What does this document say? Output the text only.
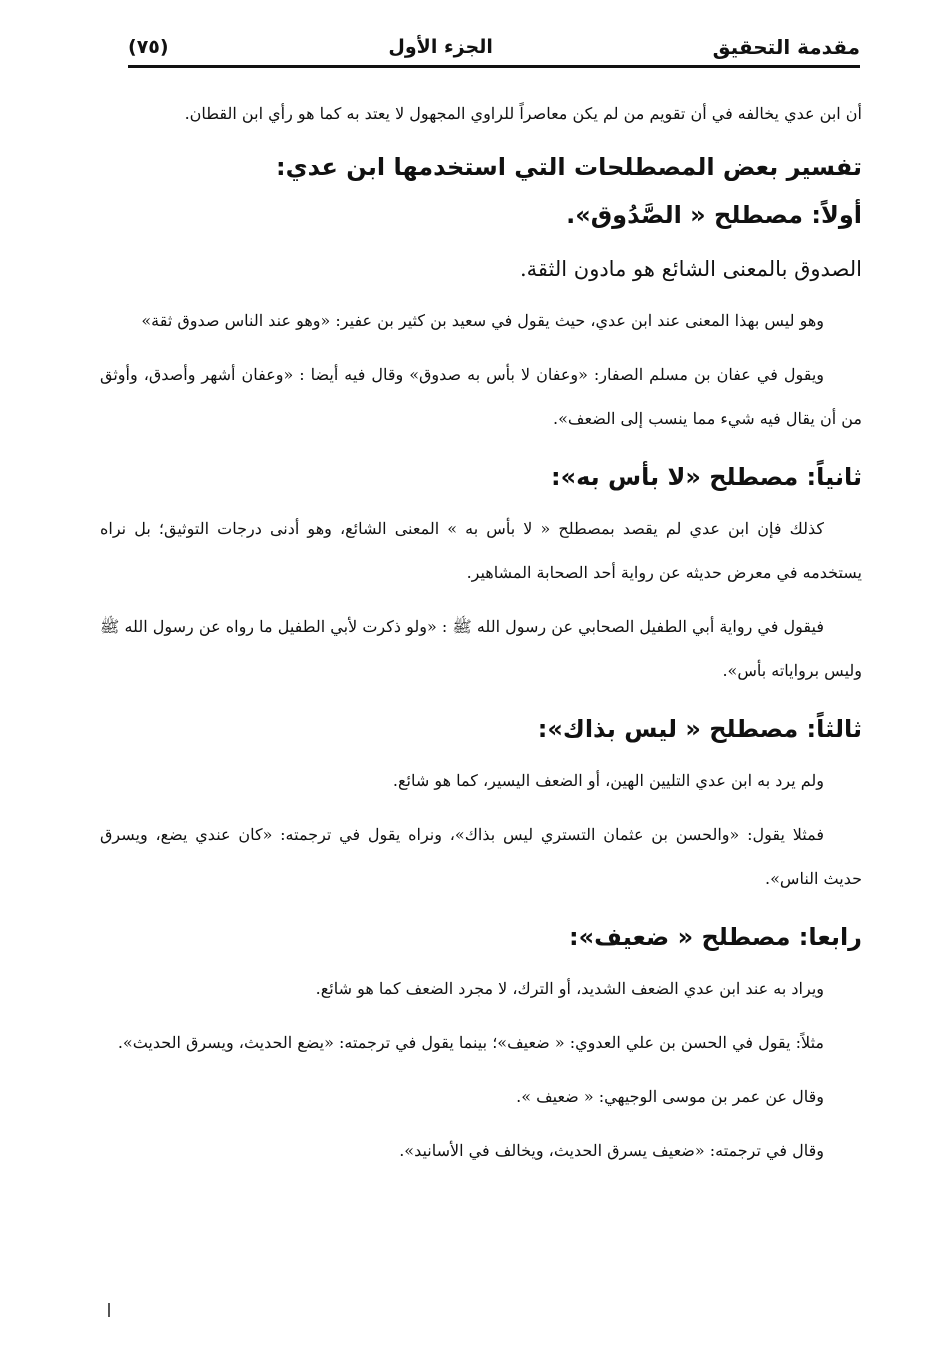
مقدمة التحقيق
الجزء الأول
(٧٥)

أن ابن عدي يخالفه في أن تقويم من لم يكن معاصراً للراوي المجهول لا يعتد به كما هو رأي ابن القطان.

تفسير بعض المصطلحات التي استخدمها ابن عدي:
أولاً: مصطلح « الصَّدُوق».

الصدوق بالمعنى الشائع هو مادون الثقة.

وهو ليس بهذا المعنى عند ابن عدي، حيث يقول في سعيد بن كثير بن عفير: «وهو عند الناس صدوق ثقة»

ويقول في عفان بن مسلم الصفار: «وعفان لا بأس به صدوق» وقال فيه أيضا : «وعفان أشهر وأصدق، وأوثق من أن يقال فيه شيء مما ينسب إلى الضعف».

ثانياً: مصطلح «لا بأس به»:

كذلك فإن ابن عدي لم يقصد بمصطلح « لا بأس به » المعنى الشائع، وهو أدنى درجات التوثيق؛ بل نراه يستخدمه في معرض حديثه عن رواية أحد الصحابة المشاهير.

فيقول في رواية أبي الطفيل الصحابي عن رسول الله ﷺ : «ولو ذكرت لأبي الطفيل ما رواه عن رسول الله ﷺ وليس برواياته بأس».

ثالثاً: مصطلح « ليس بذاك»:

ولم يرد به ابن عدي التليين الهين، أو الضعف اليسير، كما هو شائع.

فمثلا يقول: «والحسن بن عثمان التستري ليس بذاك»، ونراه يقول في ترجمته: «كان عندي يضع، ويسرق حديث الناس».

رابعا: مصطلح « ضعيف»:

ويراد به عند ابن عدي الضعف الشديد، أو الترك، لا مجرد الضعف كما هو شائع.

مثلاً: يقول في الحسن بن علي العدوي: « ضعيف»؛ بينما يقول في ترجمته: «يضع الحديث، ويسرق الحديث».

وقال عن عمر بن موسى الوجيهي: « ضعيف ».

وقال في ترجمته: «ضعيف يسرق الحديث، ويخالف في الأسانيد».
